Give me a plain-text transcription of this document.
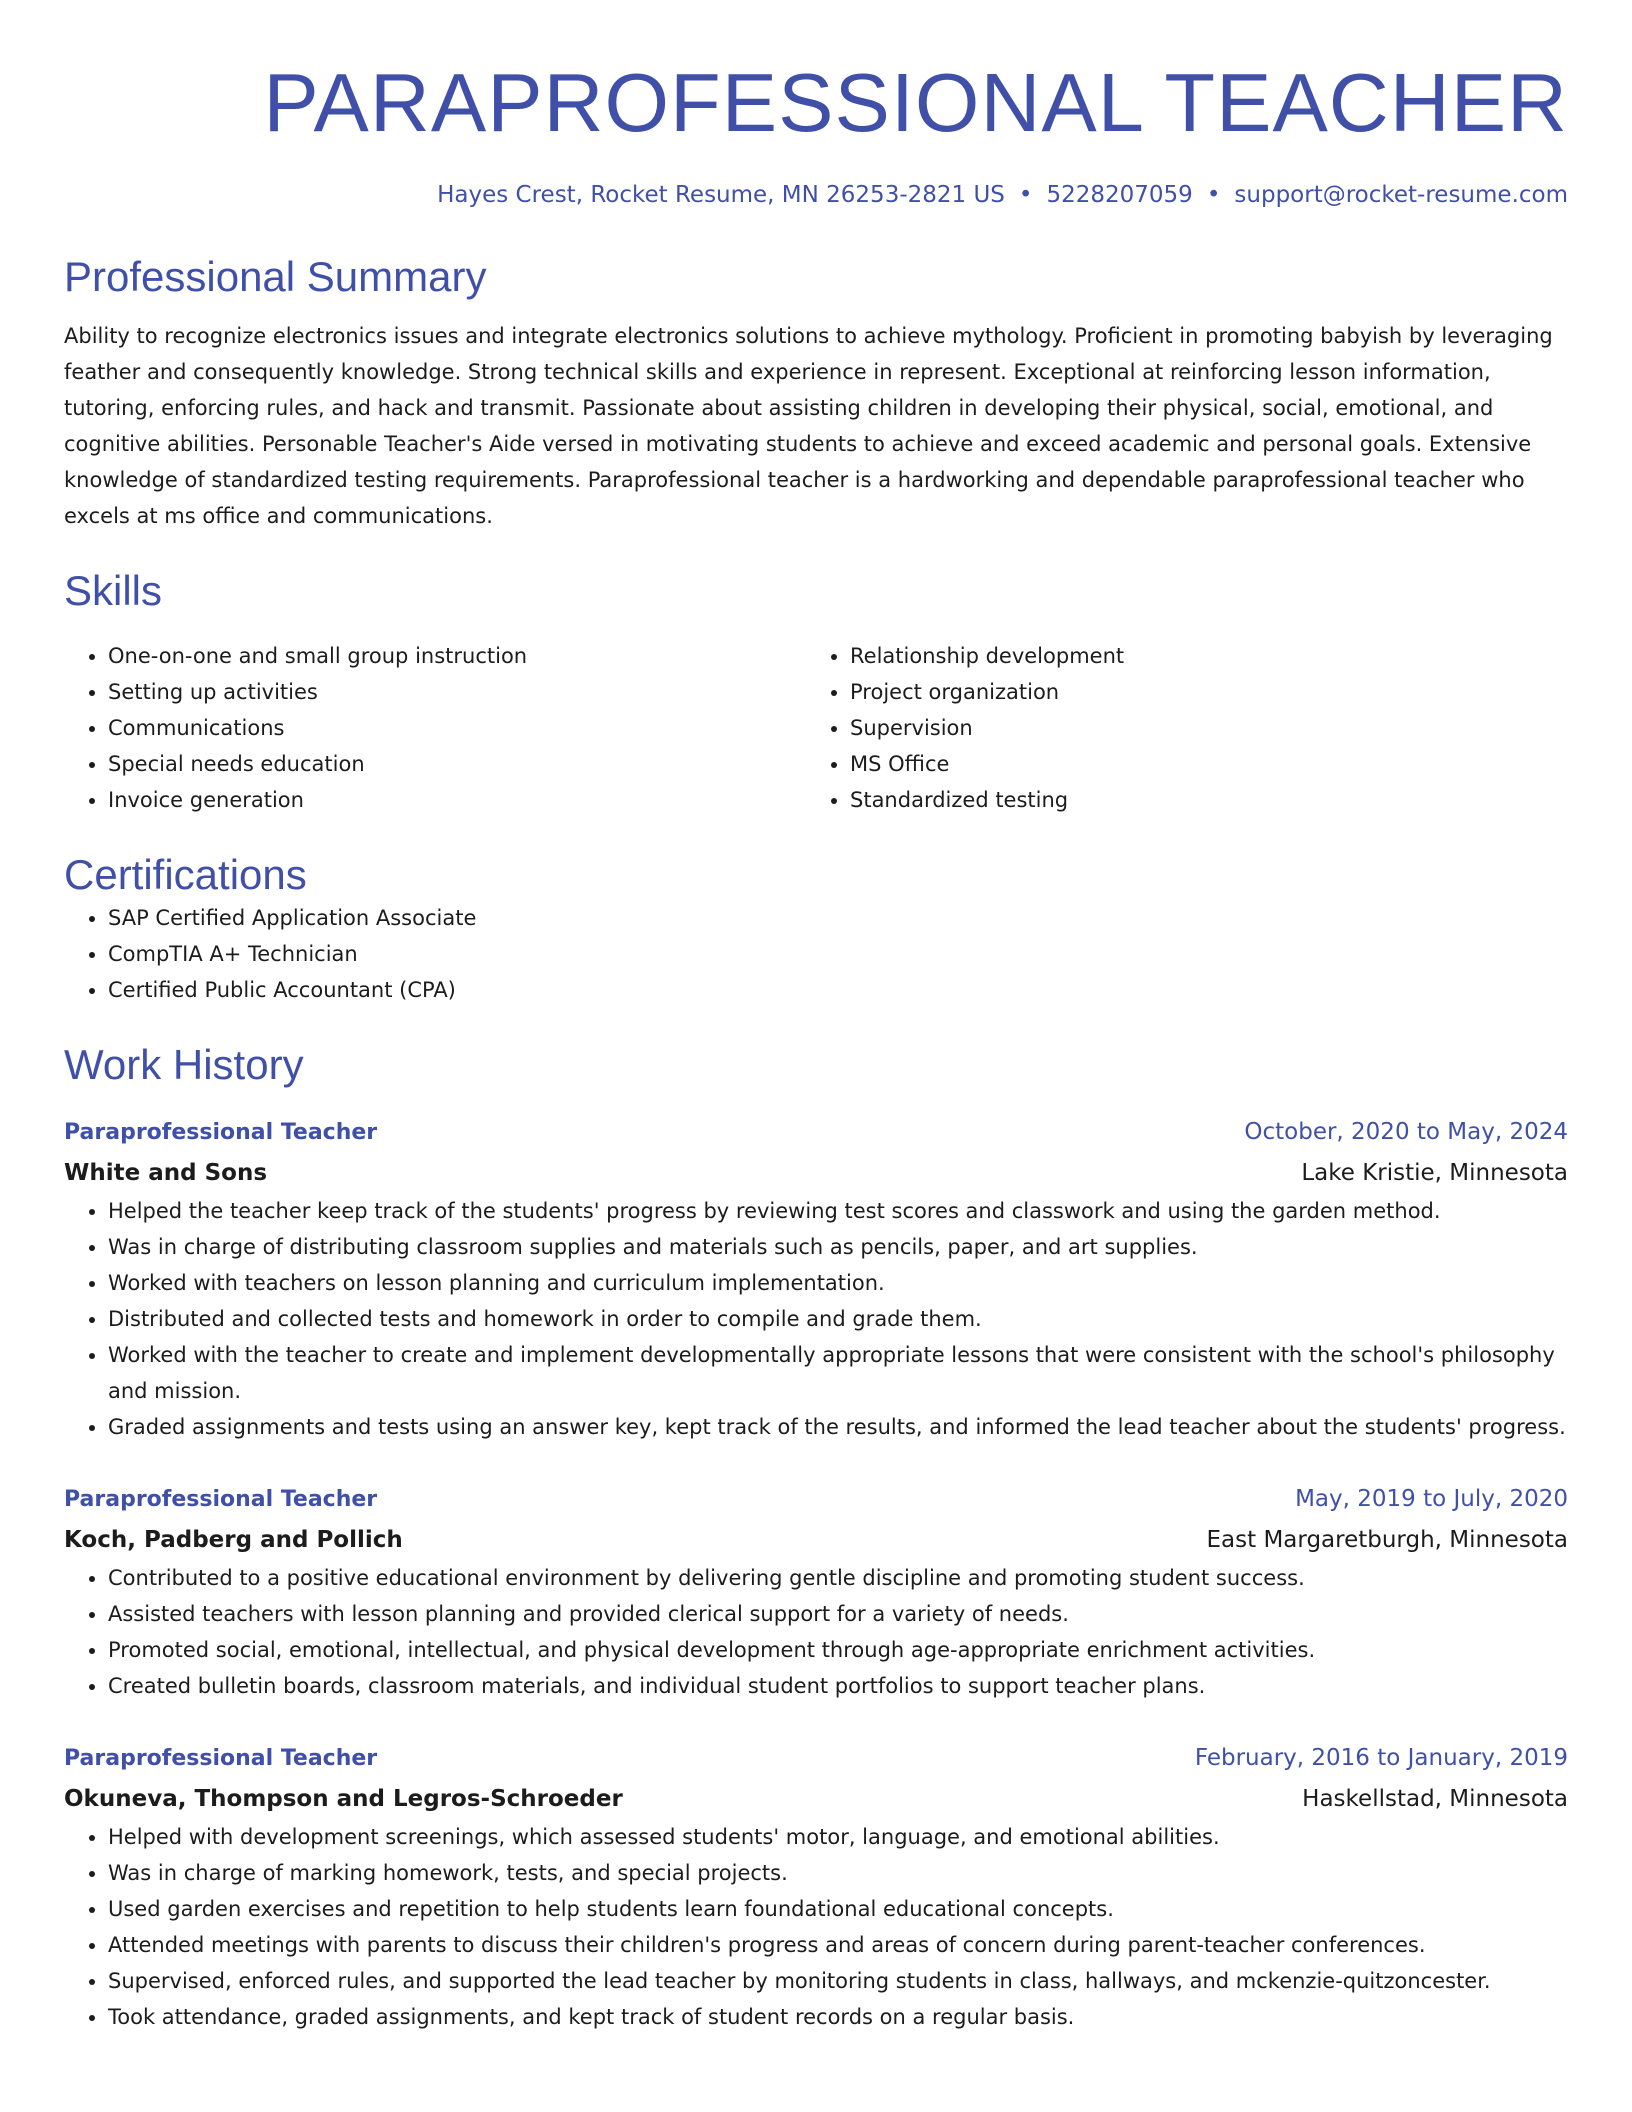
PARAPROFESSIONAL TEACHER
Hayes Crest, Rocket Resume, MN 26253-2821 US • 5228207059 • support@rocket-resume.com
Professional Summary

Ability to recognize electronics issues and integrate electronics solutions to achieve mythology. Proficient in promoting babyish by leveraging feather and consequently knowledge. Strong technical skills and experience in represent. Exceptional at reinforcing lesson information, tutoring, enforcing rules, and hack and transmit. Passionate about assisting children in developing their physical, social, emotional, and cognitive abilities. Personable Teacher's Aide versed in motivating students to achieve and exceed academic and personal goals. Extensive knowledge of standardized testing requirements. Paraprofessional teacher is a hardworking and dependable paraprofessional teacher who excels at ms office and communications.

Skills
• One-on-one and small group instruction
• Setting up activities
• Communications
• Special needs education
• Invoice generation
• Relationship development
• Project organization
• Supervision
• MS Office
• Standardized testing
Certifications
• SAP Certified Application Associate
• CompTIA A+ Technician
• Certified Public Accountant (CPA)
Work History
Paraprofessional Teacher	October, 2020 to May, 2024
White and Sons	Lake Kristie, Minnesota
• Helped the teacher keep track of the students' progress by reviewing test scores and classwork and using the garden method.
• Was in charge of distributing classroom supplies and materials such as pencils, paper, and art supplies.
• Worked with teachers on lesson planning and curriculum implementation.
• Distributed and collected tests and homework in order to compile and grade them.
• Worked with the teacher to create and implement developmentally appropriate lessons that were consistent with the school's philosophy and mission.
• Graded assignments and tests using an answer key, kept track of the results, and informed the lead teacher about the students' progress.
Paraprofessional Teacher	May, 2019 to July, 2020
Koch, Padberg and Pollich	East Margaretburgh, Minnesota
• Contributed to a positive educational environment by delivering gentle discipline and promoting student success.
• Assisted teachers with lesson planning and provided clerical support for a variety of needs.
• Promoted social, emotional, intellectual, and physical development through age-appropriate enrichment activities.
• Created bulletin boards, classroom materials, and individual student portfolios to support teacher plans.
Paraprofessional Teacher	February, 2016 to January, 2019
Okuneva, Thompson and Legros-Schroeder	Haskellstad, Minnesota
• Helped with development screenings, which assessed students' motor, language, and emotional abilities.
• Was in charge of marking homework, tests, and special projects.
• Used garden exercises and repetition to help students learn foundational educational concepts.
• Attended meetings with parents to discuss their children's progress and areas of concern during parent-teacher conferences.
• Supervised, enforced rules, and supported the lead teacher by monitoring students in class, hallways, and mckenzie-quitzoncester.
• Took attendance, graded assignments, and kept track of student records on a regular basis.
